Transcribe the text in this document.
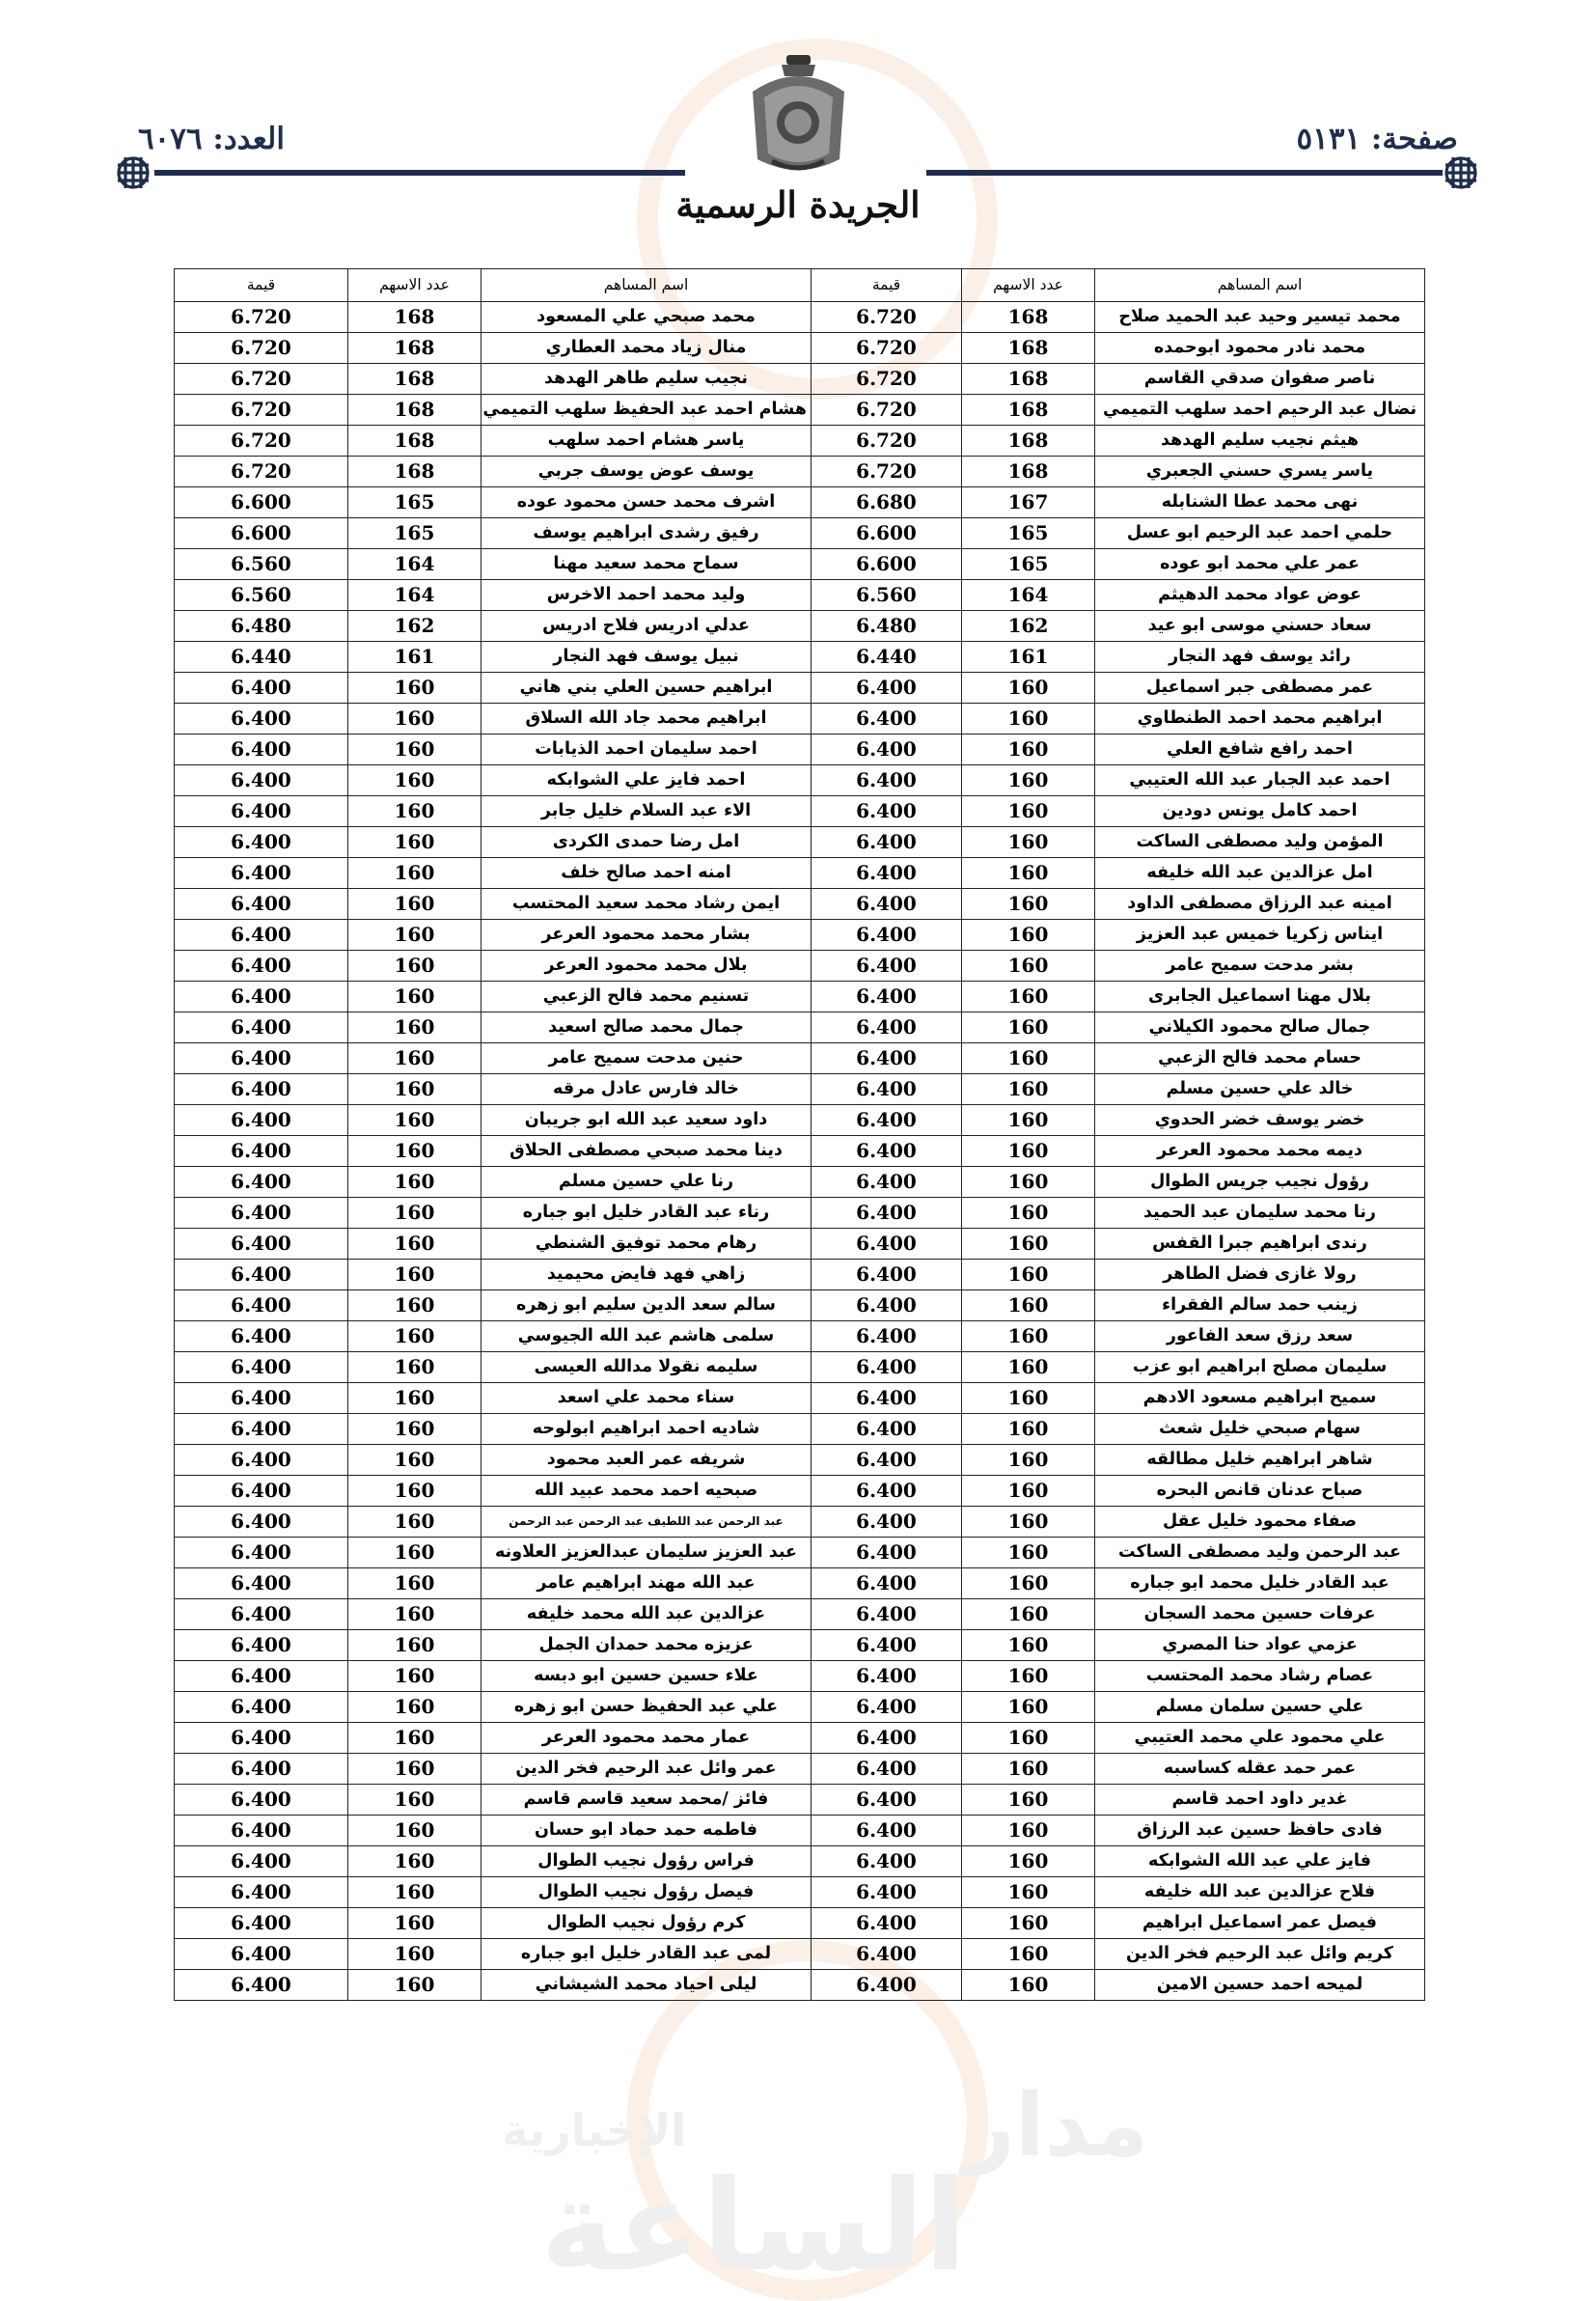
الإخبارية	مدار
الساعة
صفحة: ٥١٣١
العدد: ٦٠٧٦
الجريدة الرسمية
اسم المساهم	عدد الاسهم	قيمة	اسم المساهم	عدد الاسهم	قيمة
محمد تيسير وحيد عبد الحميد صلاح	168	6.720	محمد صبحي علي المسعود	168	6.720
محمد نادر محمود ابوحمده	168	6.720	منال زياد محمد العطاري	168	6.720
ناصر صفوان صدقي القاسم	168	6.720	نجيب سليم طاهر الهدهد	168	6.720
نضال عبد الرحيم احمد سلهب التميمي	168	6.720	هشام احمد عبد الحفيظ سلهب التميمي	168	6.720
هيثم نجيب سليم الهدهد	168	6.720	ياسر هشام احمد سلهب	168	6.720
ياسر يسري حسني الجعبري	168	6.720	يوسف عوض يوسف جربي	168	6.720
نهى محمد عطا الشنابله	167	6.680	اشرف محمد حسن محمود عوده	165	6.600
حلمي احمد عبد الرحيم ابو عسل	165	6.600	رفيق رشدى ابراهيم يوسف	165	6.600
عمر علي محمد ابو عوده	165	6.600	سماح محمد سعيد مهنا	164	6.560
عوض عواد محمد الدهيثم	164	6.560	وليد محمد احمد الاخرس	164	6.560
سعاد حسني موسى ابو عيد	162	6.480	عدلي ادريس فلاح ادريس	162	6.480
رائد يوسف فهد النجار	161	6.440	نبيل يوسف فهد النجار	161	6.440
عمر مصطفى جبر اسماعيل	160	6.400	ابراهيم حسين العلي بني هاني	160	6.400
ابراهيم محمد احمد الطنطاوي	160	6.400	ابراهيم محمد جاد الله السلاق	160	6.400
احمد رافع شافع العلي	160	6.400	احمد سليمان احمد الذيابات	160	6.400
احمد عبد الجبار عبد الله العتيبي	160	6.400	احمد فايز علي الشوابكه	160	6.400
احمد كامل يونس دودين	160	6.400	الاء عبد السلام خليل جابر	160	6.400
المؤمن وليد مصطفى الساكت	160	6.400	امل رضا حمدى الكردى	160	6.400
امل عزالدين عبد الله خليفه	160	6.400	امنه احمد صالح خلف	160	6.400
امينه عبد الرزاق مصطفى الداود	160	6.400	ايمن رشاد محمد سعيد المحتسب	160	6.400
ايناس زكريا خميس عبد العزيز	160	6.400	بشار محمد محمود العرعر	160	6.400
بشر مدحت سميح عامر	160	6.400	بلال محمد محمود العرعر	160	6.400
بلال مهنا اسماعيل الجابرى	160	6.400	تسنيم محمد فالح الزعبي	160	6.400
جمال صالح محمود الكيلاني	160	6.400	جمال محمد صالح اسعيد	160	6.400
حسام محمد فالح الزعبي	160	6.400	حنين مدحت سميح عامر	160	6.400
خالد علي حسين مسلم	160	6.400	خالد فارس عادل مرقه	160	6.400
خضر يوسف خضر الحدوي	160	6.400	داود سعيد عبد الله ابو جريبان	160	6.400
ديمه محمد محمود العرعر	160	6.400	دينا محمد صبحي مصطفى الحلاق	160	6.400
رؤول نجيب جريس الطوال	160	6.400	رنا علي حسين مسلم	160	6.400
رنا محمد سليمان عبد الحميد	160	6.400	رناء عبد القادر خليل ابو جباره	160	6.400
رندى ابراهيم جبرا القفس	160	6.400	رهام محمد توفيق الشنطي	160	6.400
رولا غازى فضل الطاهر	160	6.400	زاهي فهد فايض محيميد	160	6.400
زينب حمد سالم الفقراء	160	6.400	سالم سعد الدين سليم ابو زهره	160	6.400
سعد رزق سعد الفاعور	160	6.400	سلمى هاشم عبد الله الجيوسي	160	6.400
سليمان مصلح ابراهيم ابو عزب	160	6.400	سليمه نقولا مدالله العيسى	160	6.400
سميح ابراهيم مسعود الادهم	160	6.400	سناء محمد علي اسعد	160	6.400
سهام صبحي خليل شعث	160	6.400	شاديه احمد ابراهيم ابولوحه	160	6.400
شاهر ابراهيم خليل مطالقه	160	6.400	شريفه عمر العبد محمود	160	6.400
صباح عدنان قانص البحره	160	6.400	صبحيه احمد محمد عبيد الله	160	6.400
صفاء محمود خليل عقل	160	6.400	عبد الرحمن عبد اللطيف عبد الرحمن عبد الرحمن	160	6.400
عبد الرحمن وليد مصطفى الساكت	160	6.400	عبد العزيز سليمان عبدالعزيز العلاونه	160	6.400
عبد القادر خليل محمد ابو جباره	160	6.400	عبد الله مهند ابراهيم عامر	160	6.400
عرفات حسين محمد السجان	160	6.400	عزالدين عبد الله محمد خليفه	160	6.400
عزمي عواد حنا المصري	160	6.400	عزيزه محمد حمدان الجمل	160	6.400
عصام رشاد محمد المحتسب	160	6.400	علاء حسين حسين ابو دبسه	160	6.400
علي حسين سلمان مسلم	160	6.400	علي عبد الحفيظ حسن ابو زهره	160	6.400
علي محمود علي محمد العتيبي	160	6.400	عمار محمد محمود العرعر	160	6.400
عمر حمد عقله كساسبه	160	6.400	عمر وائل عبد الرحيم فخر الدين	160	6.400
غدير داود احمد قاسم	160	6.400	فائز /محمد سعيد قاسم قاسم	160	6.400
فادى حافظ حسين عبد الرزاق	160	6.400	فاطمه حمد حماد ابو حسان	160	6.400
فايز علي عبد الله الشوابكه	160	6.400	فراس رؤول نجيب الطوال	160	6.400
فلاح عزالدين عبد الله خليفه	160	6.400	فيصل رؤول نجيب الطوال	160	6.400
فيصل عمر اسماعيل ابراهيم	160	6.400	كرم رؤول نجيب الطوال	160	6.400
كريم وائل عبد الرحيم فخر الدين	160	6.400	لمى عبد القادر خليل ابو جباره	160	6.400
لميحه احمد حسين الامين	160	6.400	ليلى احياد محمد الشيشاني	160	6.400
